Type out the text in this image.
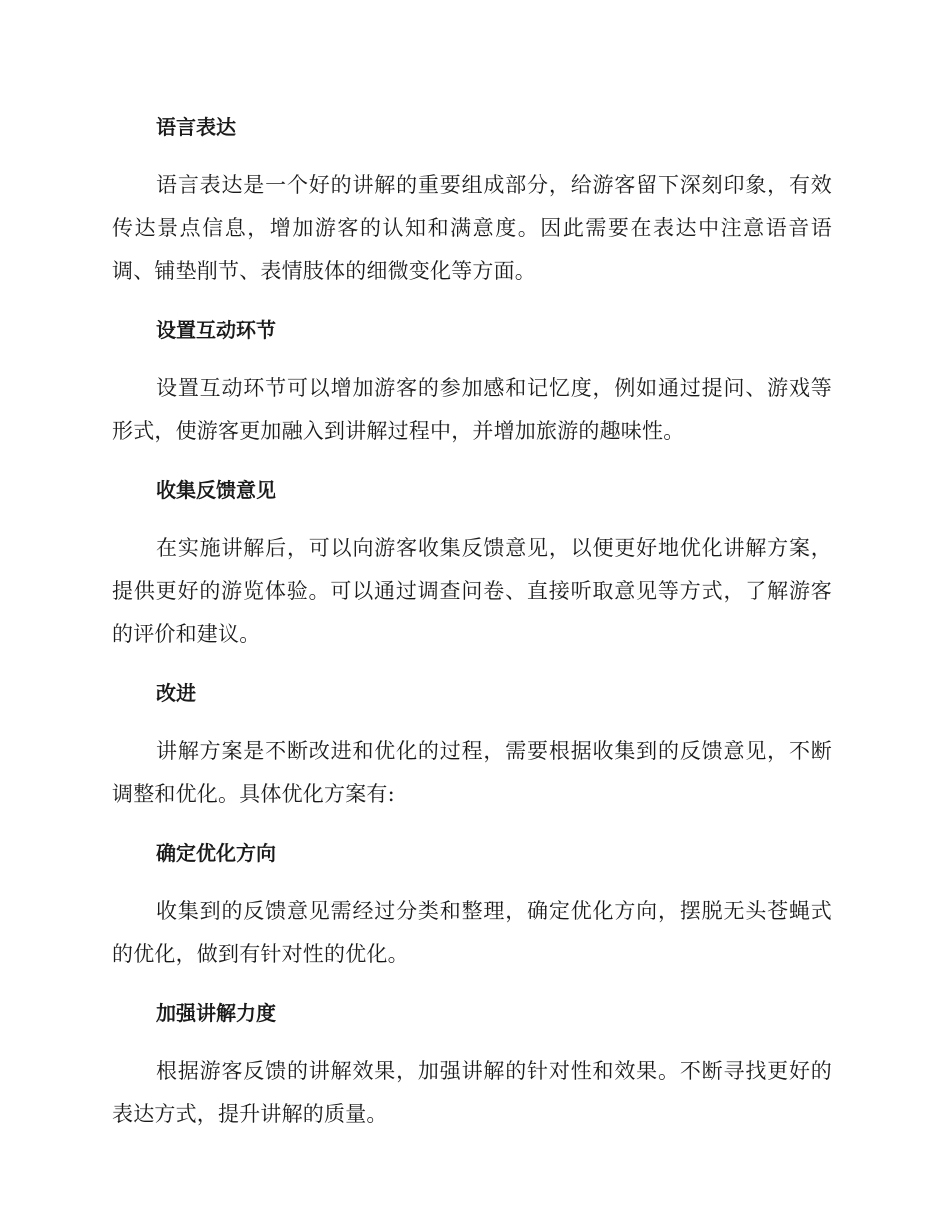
语言表达

语言表达是一个好的讲解的重要组成部分，给游客留下深刻印象，有效传达景点信息，增加游客的认知和满意度。因此需要在表达中注意语音语调、铺垫削节、表情肢体的细微变化等方面。

设置互动环节

设置互动环节可以增加游客的参加感和记忆度，例如通过提问、游戏等形式，使游客更加融入到讲解过程中，并增加旅游的趣味性。

收集反馈意见

在实施讲解后，可以向游客收集反馈意见，以便更好地优化讲解方案，提供更好的游览体验。可以通过调查问卷、直接听取意见等方式，了解游客的评价和建议。

改进

讲解方案是不断改进和优化的过程，需要根据收集到的反馈意见，不断调整和优化。具体优化方案有:

确定优化方向

收集到的反馈意见需经过分类和整理，确定优化方向，摆脱无头苍蝇式的优化，做到有针对性的优化。

加强讲解力度

根据游客反馈的讲解效果，加强讲解的针对性和效果。不断寻找更好的表达方式，提升讲解的质量。
